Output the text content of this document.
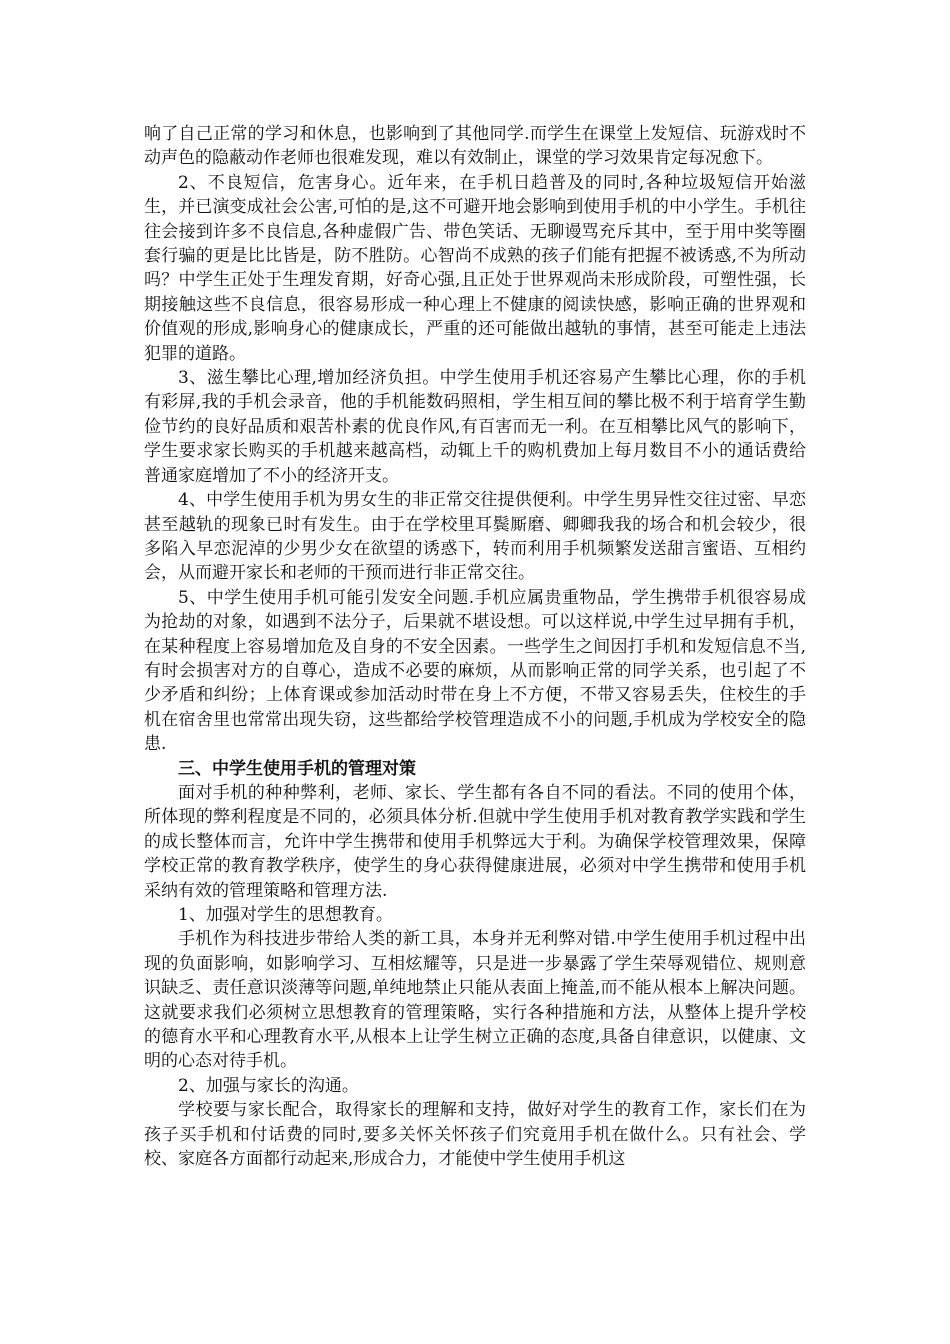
响了自己正常的学习和休息，也影响到了其他同学.而学生在课堂上发短信、玩游戏时不动声色的隐蔽动作老师也很难发现，难以有效制止，课堂的学习效果肯定每况愈下。

2、不良短信，危害身心。近年来，在手机日趋普及的同时,各种垃圾短信开始滋生，并已演变成社会公害,可怕的是,这不可避开地会影响到使用手机的中小学生。手机往往会接到许多不良信息,各种虚假广告、带色笑话、无聊谩骂充斥其中，至于用中奖等圈套行骗的更是比比皆是，防不胜防。心智尚不成熟的孩子们能有把握不被诱惑,不为所动吗？中学生正处于生理发育期，好奇心强,且正处于世界观尚未形成阶段，可塑性强，长期接触这些不良信息，很容易形成一种心理上不健康的阅读快感，影响正确的世界观和价值观的形成,影响身心的健康成长，严重的还可能做出越轨的事情，甚至可能走上违法犯罪的道路。

3、滋生攀比心理,增加经济负担。中学生使用手机还容易产生攀比心理，你的手机有彩屏,我的手机会录音，他的手机能数码照相，学生相互间的攀比极不利于培育学生勤俭节约的良好品质和艰苦朴素的优良作风,有百害而无一利。在互相攀比风气的影响下，学生要求家长购买的手机越来越高档，动辄上千的购机费加上每月数目不小的通话费给普通家庭增加了不小的经济开支。

4、中学生使用手机为男女生的非正常交往提供便利。中学生男异性交往过密、早恋甚至越轨的现象已时有发生。由于在学校里耳鬓厮磨、卿卿我我的场合和机会较少，很多陷入早恋泥淖的少男少女在欲望的诱惑下，转而利用手机频繁发送甜言蜜语、互相约会，从而避开家长和老师的干预而进行非正常交往。

5、中学生使用手机可能引发安全问题.手机应属贵重物品，学生携带手机很容易成为抢劫的对象，如遇到不法分子，后果就不堪设想。可以这样说,中学生过早拥有手机，在某种程度上容易增加危及自身的不安全因素。一些学生之间因打手机和发短信息不当,有时会损害对方的自尊心，造成不必要的麻烦，从而影响正常的同学关系，也引起了不少矛盾和纠纷；上体育课或参加活动时带在身上不方便，不带又容易丢失，住校生的手机在宿舍里也常常出现失窃，这些都给学校管理造成不小的问题,手机成为学校安全的隐患.

三、中学生使用手机的管理对策

面对手机的种种弊利，老师、家长、学生都有各自不同的看法。不同的使用个体，所体现的弊利程度是不同的，必须具体分析.但就中学生使用手机对教育教学实践和学生的成长整体而言，允许中学生携带和使用手机弊远大于利。为确保学校管理效果，保障学校正常的教育教学秩序，使学生的身心获得健康进展，必须对中学生携带和使用手机采纳有效的管理策略和管理方法.

1、加强对学生的思想教育。

手机作为科技进步带给人类的新工具，本身并无利弊对错.中学生使用手机过程中出现的负面影响，如影响学习、互相炫耀等，只是进一步暴露了学生荣辱观错位、规则意识缺乏、责任意识淡薄等问题,单纯地禁止只能从表面上掩盖,而不能从根本上解决问题。这就要求我们必须树立思想教育的管理策略，实行各种措施和方法，从整体上提升学校的德育水平和心理教育水平,从根本上让学生树立正确的态度,具备自律意识，以健康、文明的心态对待手机。

2、加强与家长的沟通。

学校要与家长配合，取得家长的理解和支持，做好对学生的教育工作，家长们在为孩子买手机和付话费的同时,要多关怀关怀孩子们究竟用手机在做什么。只有社会、学校、家庭各方面都行动起来,形成合力，才能使中学生使用手机这
